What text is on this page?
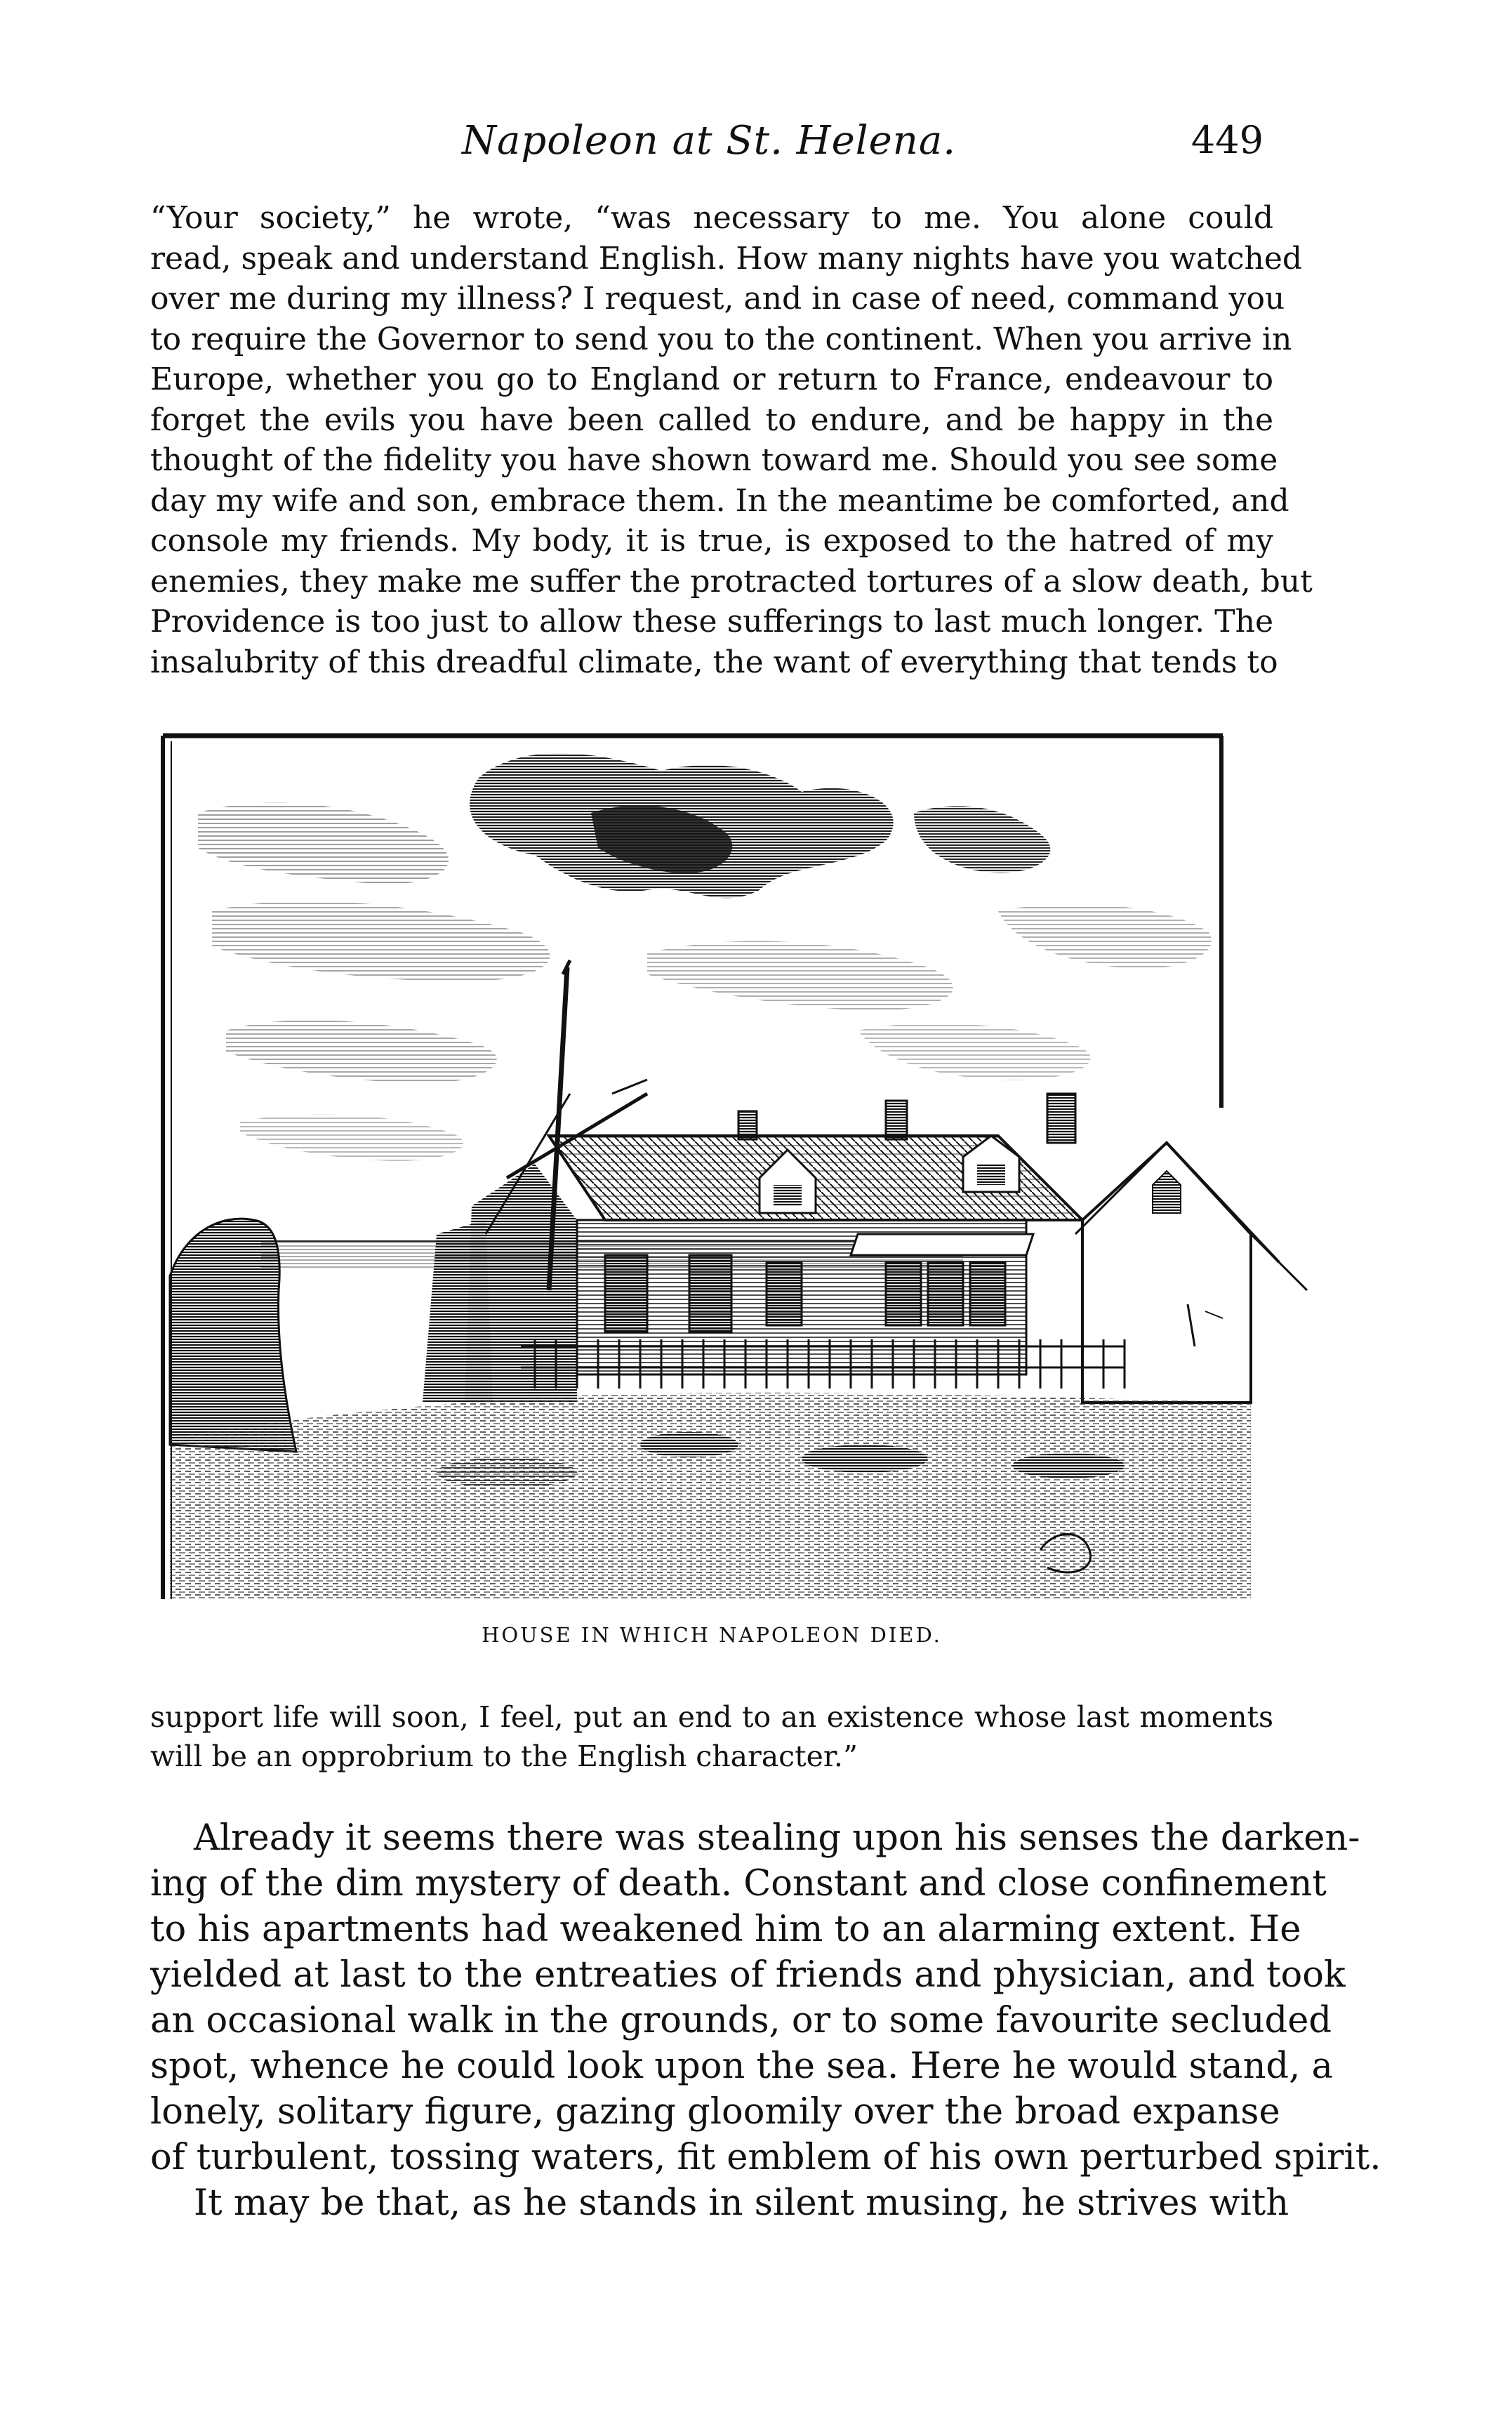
Napoleon at St. Helena.	449
“Your society,” he wrote, “was necessary to me. You alone could
read, speak and understand English. How many nights have you watched
over me during my illness? I request, and in case of need, command you
to require the Governor to send you to the continent. When you arrive in
Europe, whether you go to England or return to France, endeavour to
forget the evils you have been called to endure, and be happy in the
thought of the fidelity you have shown toward me. Should you see some
day my wife and son, embrace them. In the meantime be comforted, and
console my friends. My body, it is true, is exposed to the hatred of my
enemies, they make me suffer the protracted tortures of a slow death, but
Providence is too just to allow these sufferings to last much longer. The
insalubrity of this dreadful climate, the want of everything that tends to
HOUSE IN WHICH NAPOLEON DIED.
support life will soon, I feel, put an end to an existence whose last moments
will be an opprobrium to the English character.”
Already it seems there was stealing upon his senses the darken-
ing of the dim mystery of death. Constant and close confinement
to his apartments had weakened him to an alarming extent. He
yielded at last to the entreaties of friends and physician, and took
an occasional walk in the grounds, or to some favourite secluded
spot, whence he could look upon the sea. Here he would stand, a
lonely, solitary figure, gazing gloomily over the broad expanse
of turbulent, tossing waters, fit emblem of his own perturbed spirit.
It may be that, as he stands in silent musing, he strives with
